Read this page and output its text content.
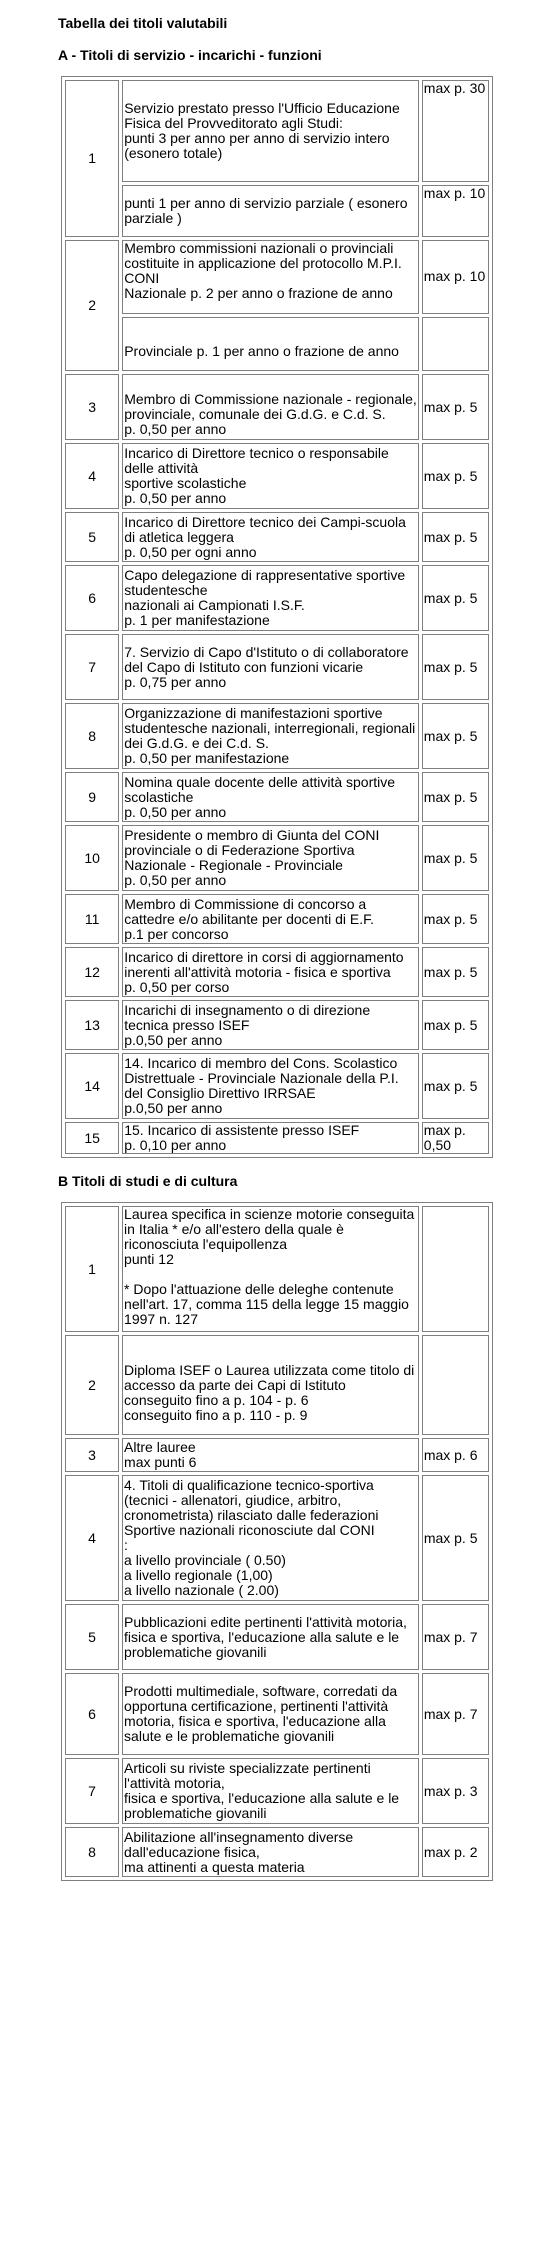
Tabella dei titoli valutabili
A - Titoli di servizio - incarichi - funzioni
1	Servizio prestato presso l'Ufficio Educazione Fisica del Provveditorato agli Studi:
punti 3 per anno per anno di servizio intero (esonero totale)	max p. 30

	punti 1 per anno di servizio parziale ( esonero parziale )	max p. 10
2	Membro commissioni nazionali o provinciali costituite in applicazione del protocollo M.P.I. CONI
Nazionale p. 2 per anno o frazione de anno	max p. 10

	Provinciale p. 1 per anno o frazione de anno	

3	Membro di Commissione nazionale - regionale, provinciale, comunale dei G.d.G. e C.d. S.
p. 0,50 per anno	max p. 5
4	Incarico di Direttore tecnico o responsabile delle attività
sportive scolastiche
p. 0,50 per anno	max p. 5
5	Incarico di Direttore tecnico dei Campi-scuola di atletica leggera
p. 0,50 per ogni anno	max p. 5
6	Capo delegazione di rappresentative sportive studentesche
nazionali ai Campionati I.S.F.
p. 1 per manifestazione	max p. 5
7	7. Servizio di Capo d'Istituto o di collaboratore del Capo di Istituto con funzioni vicarie
p. 0,75 per anno	max p. 5
8	Organizzazione di manifestazioni sportive studentesche nazionali, interregionali, regionali dei G.d.G. e dei C.d. S.
p. 0,50 per manifestazione	max p. 5
9	Nomina quale docente delle attività sportive scolastiche
p. 0,50 per anno	max p. 5
10	Presidente o membro di Giunta del CONI provinciale o di Federazione Sportiva Nazionale - Regionale - Provinciale
p. 0,50 per anno	max p. 5
11	Membro di Commissione di concorso a cattedre e/o abilitante per docenti di E.F.
p.1 per concorso	max p. 5
12	Incarico di direttore in corsi di aggiornamento inerenti all'attività motoria - fisica e sportiva
p. 0,50 per corso	max p. 5
13	Incarichi di insegnamento o di direzione tecnica presso ISEF
p.0,50 per anno	max p. 5
14	14. Incarico di membro del Cons. Scolastico Distrettuale - Provinciale Nazionale della P.I. del Consiglio Direttivo IRRSAE
p.0,50 per anno	max p. 5
15	15. Incarico di assistente presso ISEF
p. 0,10 per anno	max p. 0,50
B Titoli di studi e di cultura
1	Laurea specifica in scienze motorie conseguita in Italia * e/o all'estero della quale è riconosciuta l'equipollenza
punti 12
* Dopo l'attuazione delle deleghe contenute nell'art. 17, comma 115 della legge 15 maggio 1997 n. 127	

2	Diploma ISEF o Laurea utilizzata come titolo di accesso da parte dei Capi di Istituto
conseguito fino a p. 104 - p. 6
conseguito fino a p. 110 - p. 9	

3	Altre lauree
max punti 6	max p. 6
4	4. Titoli di qualificazione tecnico-sportiva (tecnici - allenatori, giudice, arbitro, cronometrista) rilasciato dalle federazioni Sportive nazionali riconosciute dal CONI
:
a livello provinciale ( 0.50)
a livello regionale (1,00)
a livello nazionale ( 2.00)	max p. 5
5	Pubblicazioni edite pertinenti l'attività motoria, fisica e sportiva, l'educazione alla salute e le problematiche giovanili	max p. 7
6	Prodotti multimediale, software, corredati da opportuna certificazione, pertinenti l'attività motoria, fisica e sportiva, l'educazione alla salute e le problematiche giovanili	max p. 7
7	Articoli su riviste specializzate pertinenti l'attività motoria,
fisica e sportiva, l'educazione alla salute e le problematiche giovanili	max p. 3
8	Abilitazione all'insegnamento diverse dall'educazione fisica,
ma attinenti a questa materia	max p. 2
